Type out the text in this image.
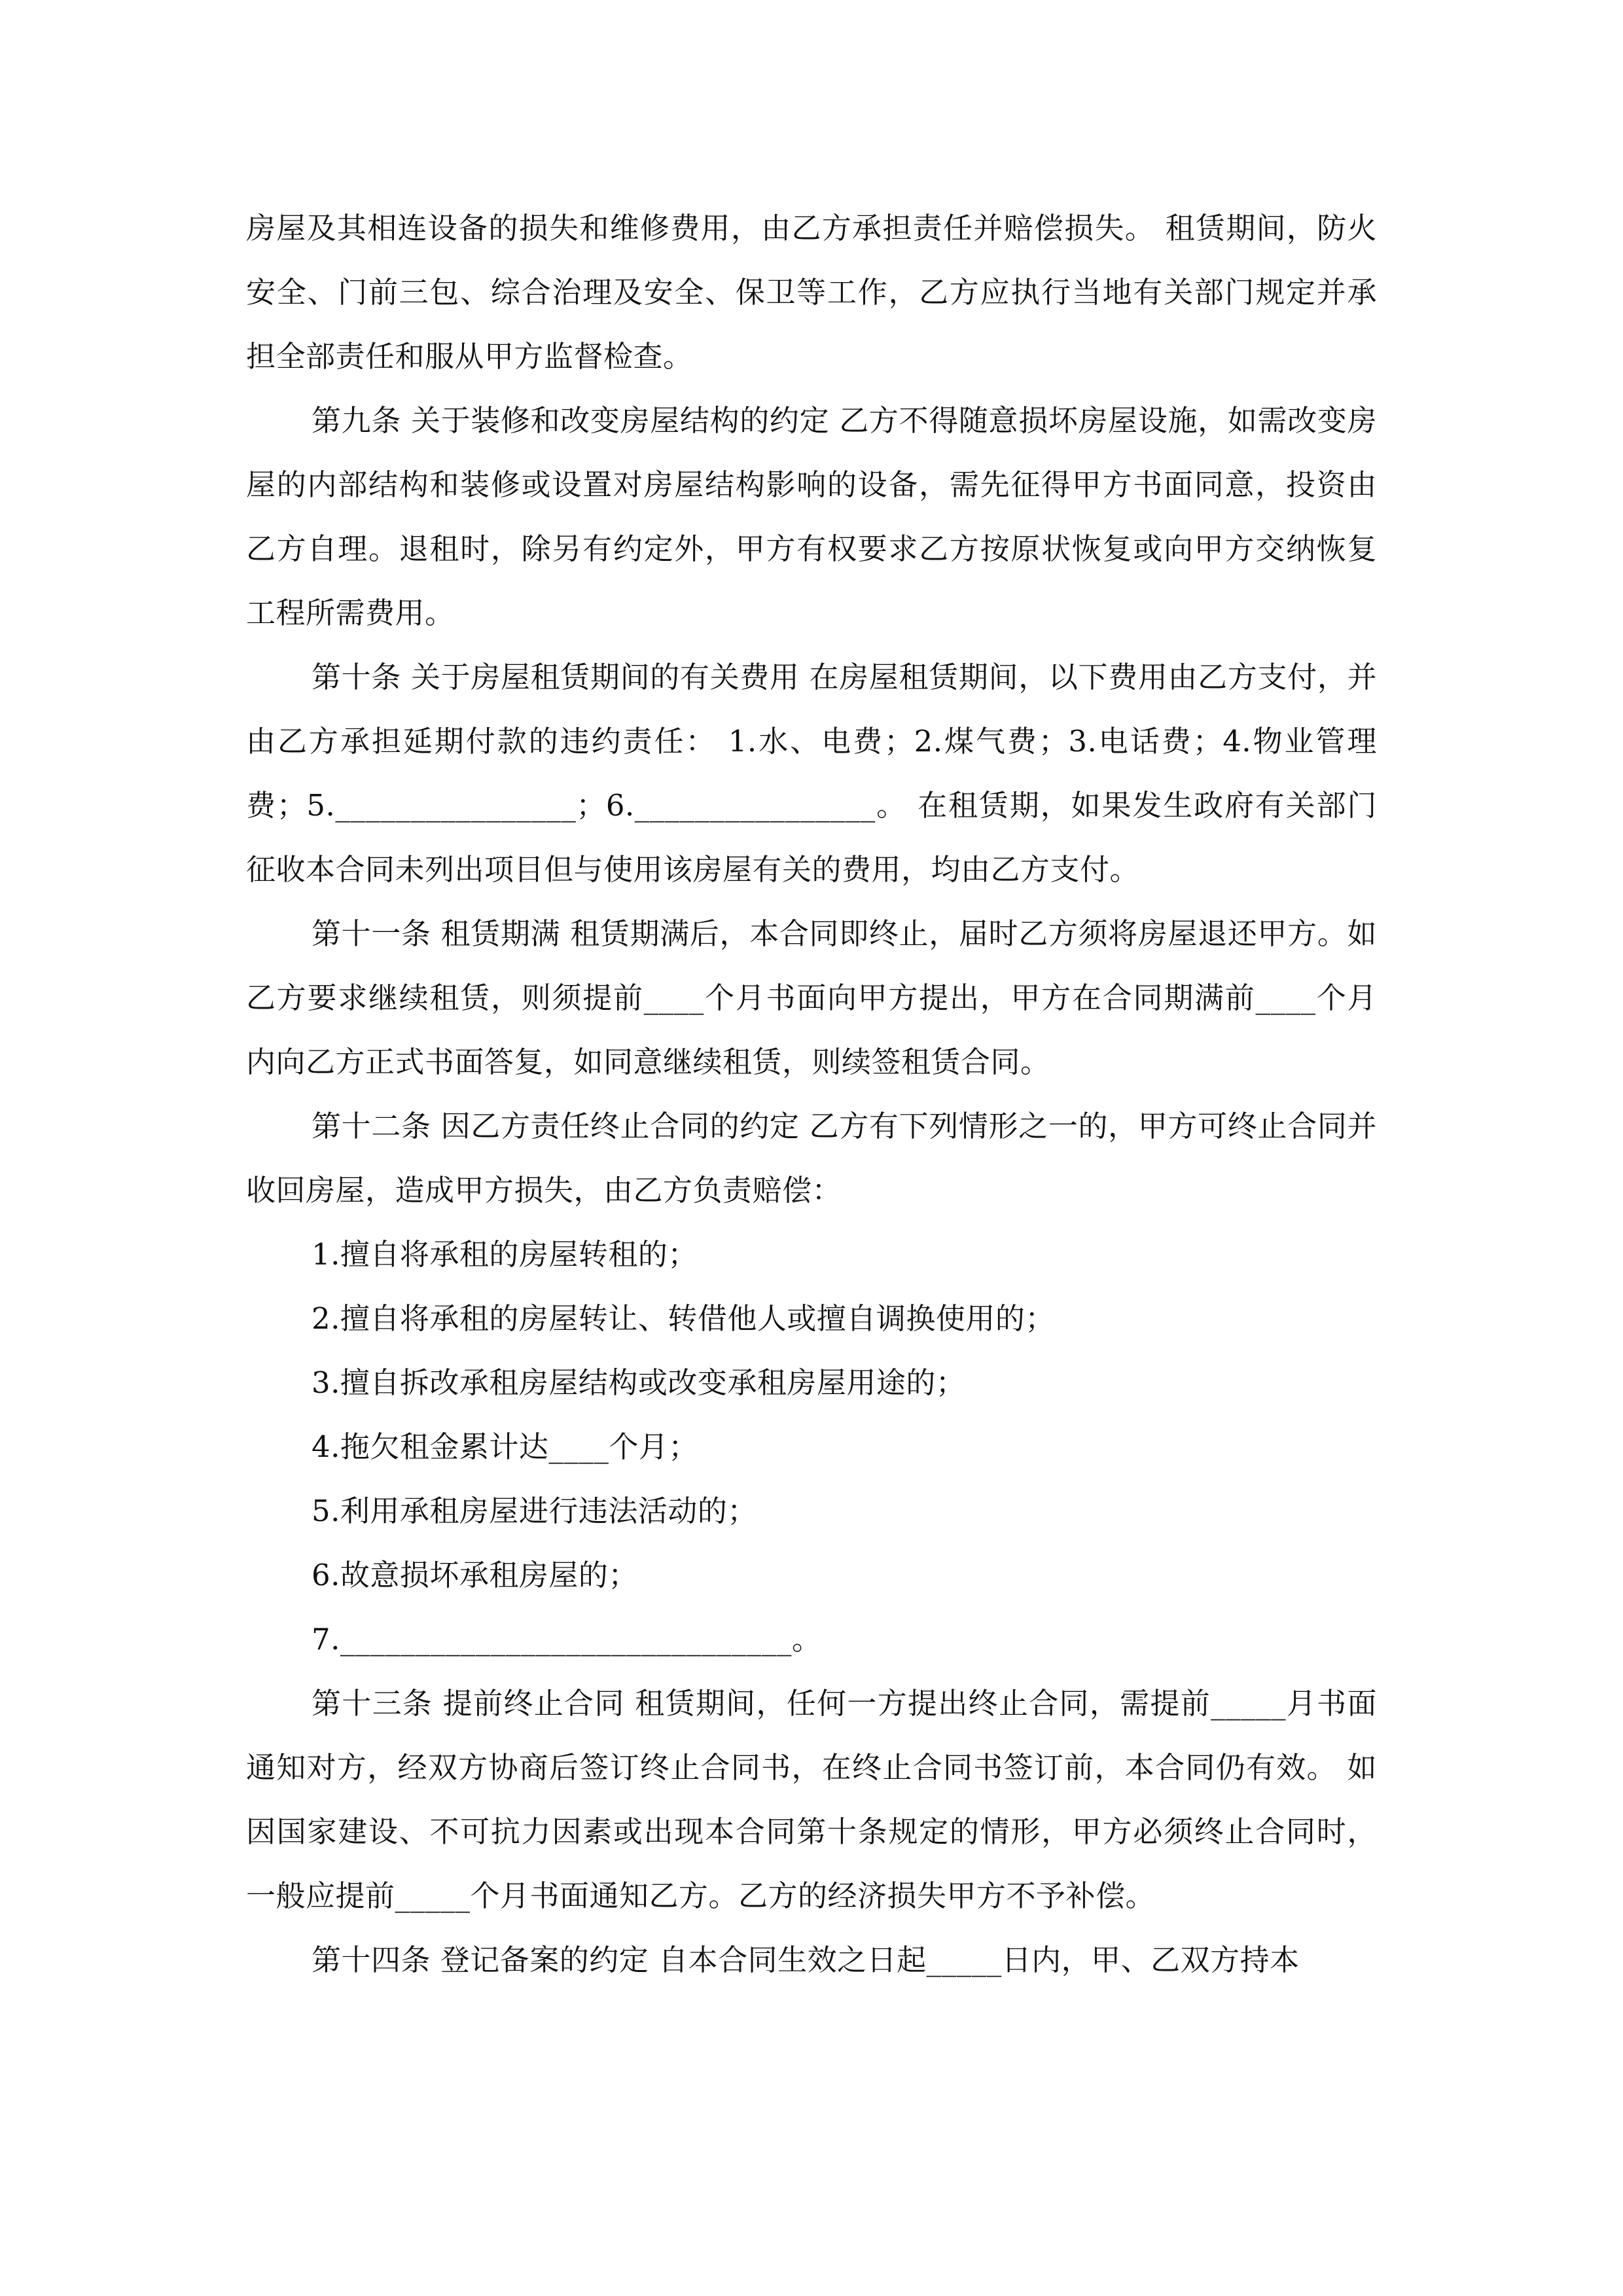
房屋及其相连设备的损失和维修费用，由乙方承担责任并赔偿损失。 租赁期间，防火安全、门前三包、综合治理及安全、保卫等工作，乙方应执行当地有关部门规定并承担全部责任和服从甲方监督检查。

第九条 关于装修和改变房屋结构的约定 乙方不得随意损坏房屋设施，如需改变房屋的内部结构和装修或设置对房屋结构影响的设备，需先征得甲方书面同意，投资由乙方自理。退租时，除另有约定外，甲方有权要求乙方按原状恢复或向甲方交纳恢复工程所需费用。

第十条 关于房屋租赁期间的有关费用 在房屋租赁期间，以下费用由乙方支付，并由乙方承担延期付款的违约责任： 1.水、电费；2.煤气费；3.电话费；4.物业管理费；5.________________；6.________________。 在租赁期，如果发生政府有关部门征收本合同未列出项目但与使用该房屋有关的费用，均由乙方支付。

第十一条 租赁期满 租赁期满后，本合同即终止，届时乙方须将房屋退还甲方。如乙方要求继续租赁，则须提前____个月书面向甲方提出，甲方在合同期满前____个月内向乙方正式书面答复，如同意继续租赁，则续签租赁合同。

第十二条 因乙方责任终止合同的约定 乙方有下列情形之一的，甲方可终止合同并收回房屋，造成甲方损失，由乙方负责赔偿：

1.擅自将承租的房屋转租的；

2.擅自将承租的房屋转让、转借他人或擅自调换使用的；

3.擅自拆改承租房屋结构或改变承租房屋用途的；

4.拖欠租金累计达____个月；

5.利用承租房屋进行违法活动的；

6.故意损坏承租房屋的；

7.______________________________。

第十三条 提前终止合同 租赁期间，任何一方提出终止合同，需提前_____月书面通知对方，经双方协商后签订终止合同书，在终止合同书签订前，本合同仍有效。 如因国家建设、不可抗力因素或出现本合同第十条规定的情形，甲方必须终止合同时，一般应提前_____个月书面通知乙方。乙方的经济损失甲方不予补偿。

第十四条 登记备案的约定 自本合同生效之日起_____日内，甲、乙双方持本
